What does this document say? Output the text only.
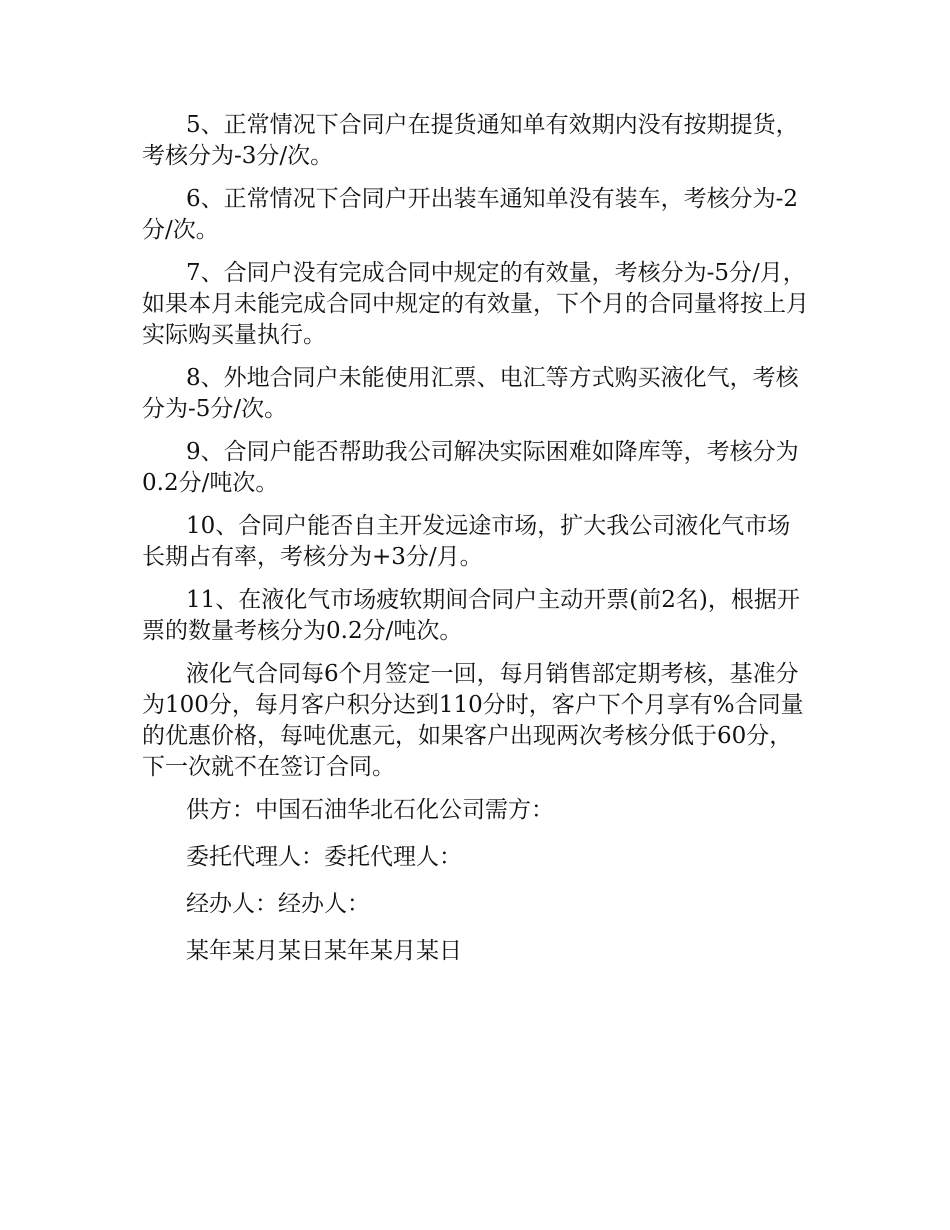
5、正常情况下合同户在提货通知单有效期内没有按期提货，考核分为-3分/次。

6、正常情况下合同户开出装车通知单没有装车，考核分为-2分/次。

7、合同户没有完成合同中规定的有效量，考核分为-5分/月，如果本月未能完成合同中规定的有效量，下个月的合同量将按上月实际购买量执行。

8、外地合同户未能使用汇票、电汇等方式购买液化气，考核分为-5分/次。

9、合同户能否帮助我公司解决实际困难如降库等，考核分为0.2分/吨次。

10、合同户能否自主开发远途市场，扩大我公司液化气市场长期占有率，考核分为+3分/月。

11、在液化气市场疲软期间合同户主动开票(前2名)，根据开票的数量考核分为0.2分/吨次。

液化气合同每6个月签定一回，每月销售部定期考核，基准分为100分，每月客户积分达到110分时，客户下个月享有%合同量的优惠价格，每吨优惠元，如果客户出现两次考核分低于60分，下一次就不在签订合同。

供方：中国石油华北石化公司需方：

委托代理人：委托代理人：

经办人：经办人：

某年某月某日某年某月某日
